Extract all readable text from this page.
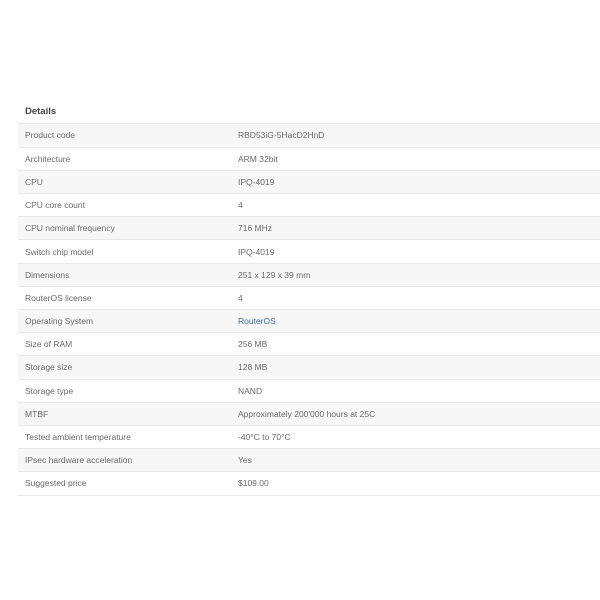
Details
Product code	RBD53iG-5HacD2HnD
Architecture	ARM 32bit
CPU	IPQ-4019
CPU core count	4
CPU nominal frequency	716 MHz
Switch chip model	IPQ-4019
Dimensions	251 x 129 x 39 mm
RouterOS license	4
Operating System	RouterOS
Size of RAM	256 MB
Storage size	128 MB
Storage type	NAND
MTBF	Approximately 200'000 hours at 25C
Tested ambient temperature	-40°C to 70°C
IPsec hardware acceleration	Yes
Suggested price	$109.00
